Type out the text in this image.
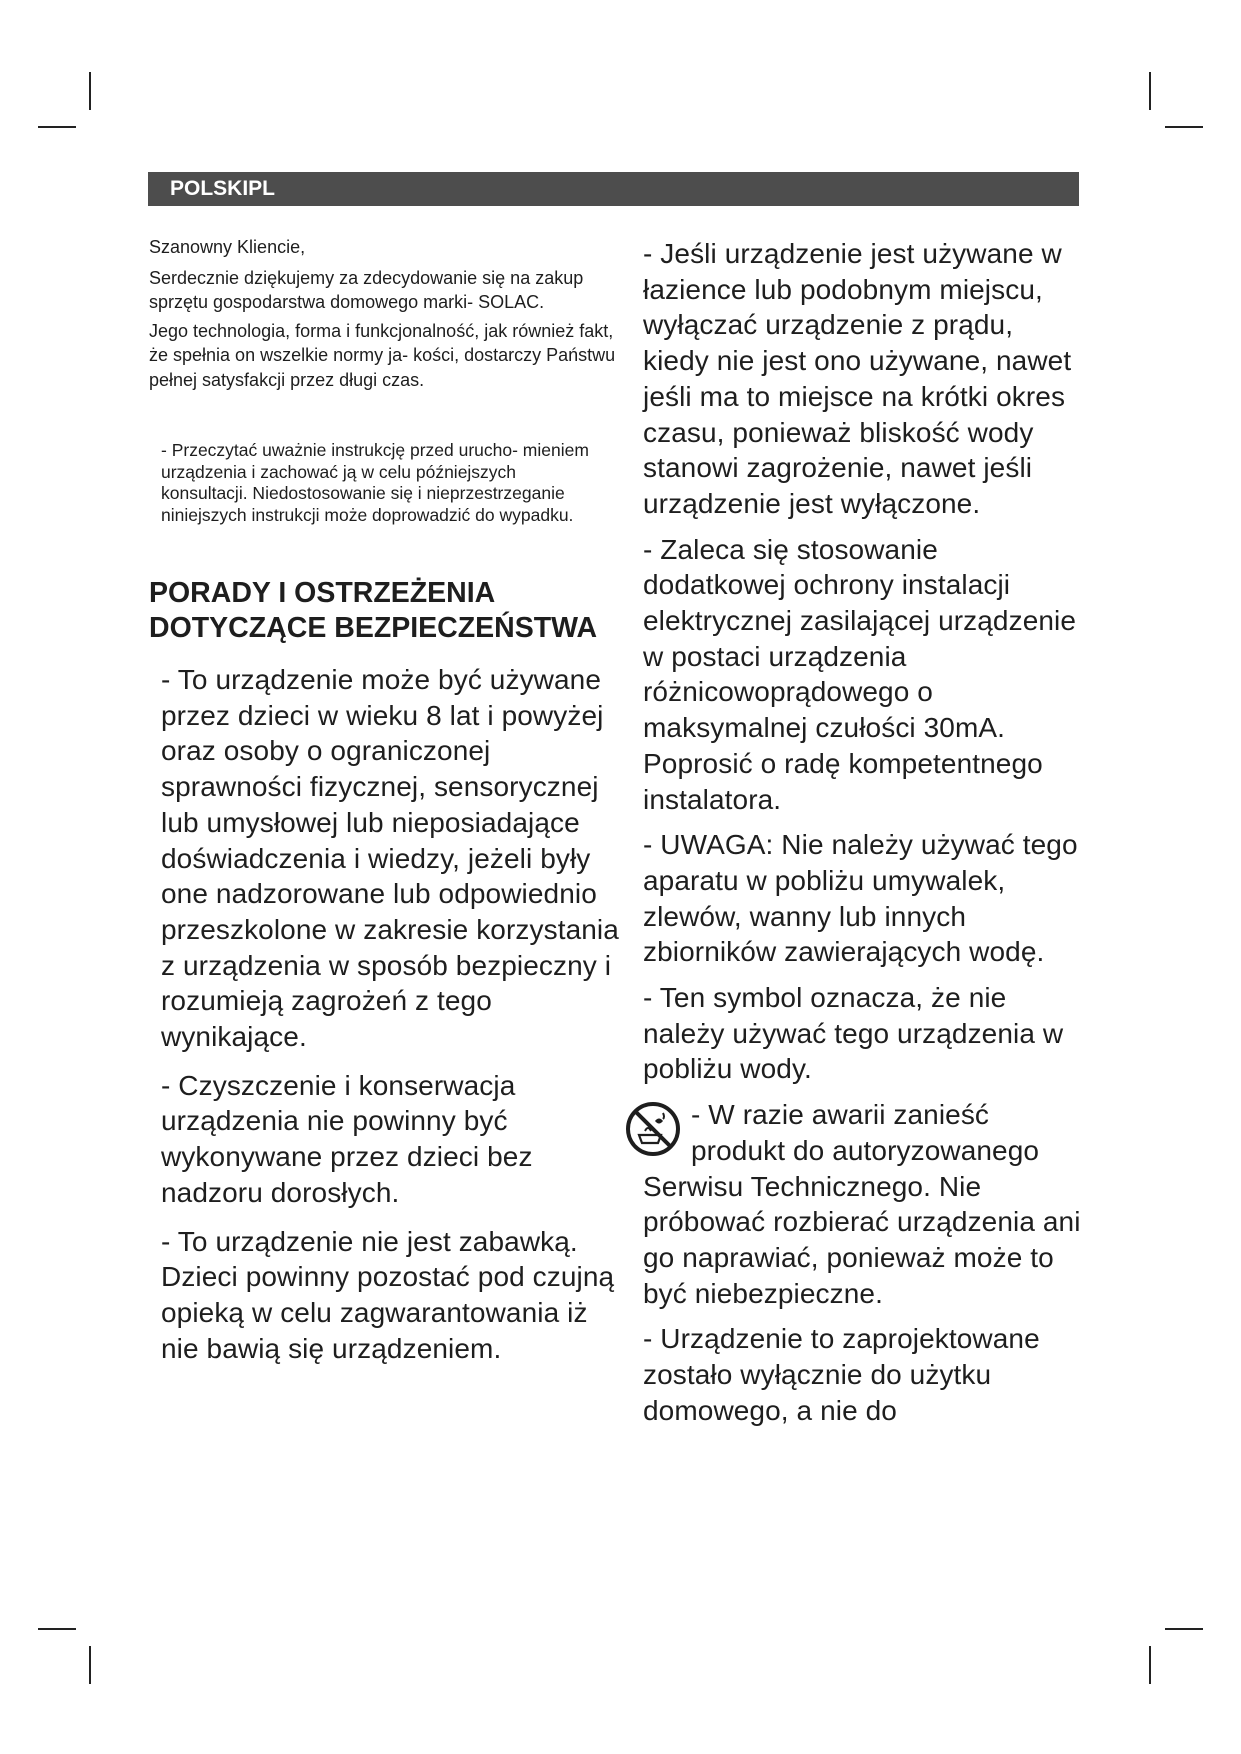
POLSKIPL

Szanowny Kliencie,

Serdecznie dziękujemy za zdecydowanie się na zakup sprzętu gospodarstwa domowego marki- SOLAC.

Jego technologia, forma i funkcjonalność, jak również fakt, że spełnia on wszelkie normy ja- kości, dostarczy Państwu pełnej satysfakcji przez długi czas.

- Przeczytać uważnie instrukcję przed urucho- mieniem urządzenia i zachować ją w celu późniejszych konsultacji. Niedostosowanie się i nieprzestrzeganie niniejszych instrukcji może doprowadzić do wypadku.
PORADY I OSTRZEŻENIA DOTYCZĄCE BEZPIECZEŃSTWA

- To urządzenie może być używane przez dzieci w wieku 8 lat i powyżej oraz osoby o ograniczonej sprawności fizycznej, sensorycznej lub umysłowej lub nieposiadające doświadczenia i wiedzy, jeżeli były one nadzorowane lub odpowiednio przeszkolone w zakresie korzystania z urządzenia w sposób bezpieczny i rozumieją zagrożeń z tego wynikające.

- Czyszczenie i konserwacja urządzenia nie powinny być wykonywane przez dzieci bez nadzoru dorosłych.

- To urządzenie nie jest zabawką. Dzieci powinny pozostać pod czujną opieką w celu zagwarantowania iż nie bawią się urządzeniem.

- Jeśli urządzenie jest używane w łazience lub podobnym miejscu, wyłączać urządzenie z prądu, kiedy nie jest ono używane, nawet jeśli ma to miejsce na krótki okres czasu, ponieważ bliskość wody stanowi zagrożenie, nawet jeśli urządzenie jest wyłączone.

- Zaleca się stosowanie dodatkowej ochrony instalacji elektrycznej zasilającej urządzenie w postaci urządzenia różnicowoprądowego o maksymalnej czułości 30mA. Poprosić o radę kompetentnego instalatora.

- UWAGA: Nie należy używać tego aparatu w pobliżu umywalek, zlewów, wanny lub innych zbiorników zawierających wodę.

- Ten symbol oznacza, że nie należy używać tego urządzenia w pobliżu wody.

- W razie awarii zanieść produkt do autoryzowanego Serwisu Technicznego. Nie próbować rozbierać urządzenia ani go naprawiać, ponieważ może to być niebezpieczne.

- Urządzenie to zaprojektowane zostało wyłącznie do użytku domowego, a nie do
